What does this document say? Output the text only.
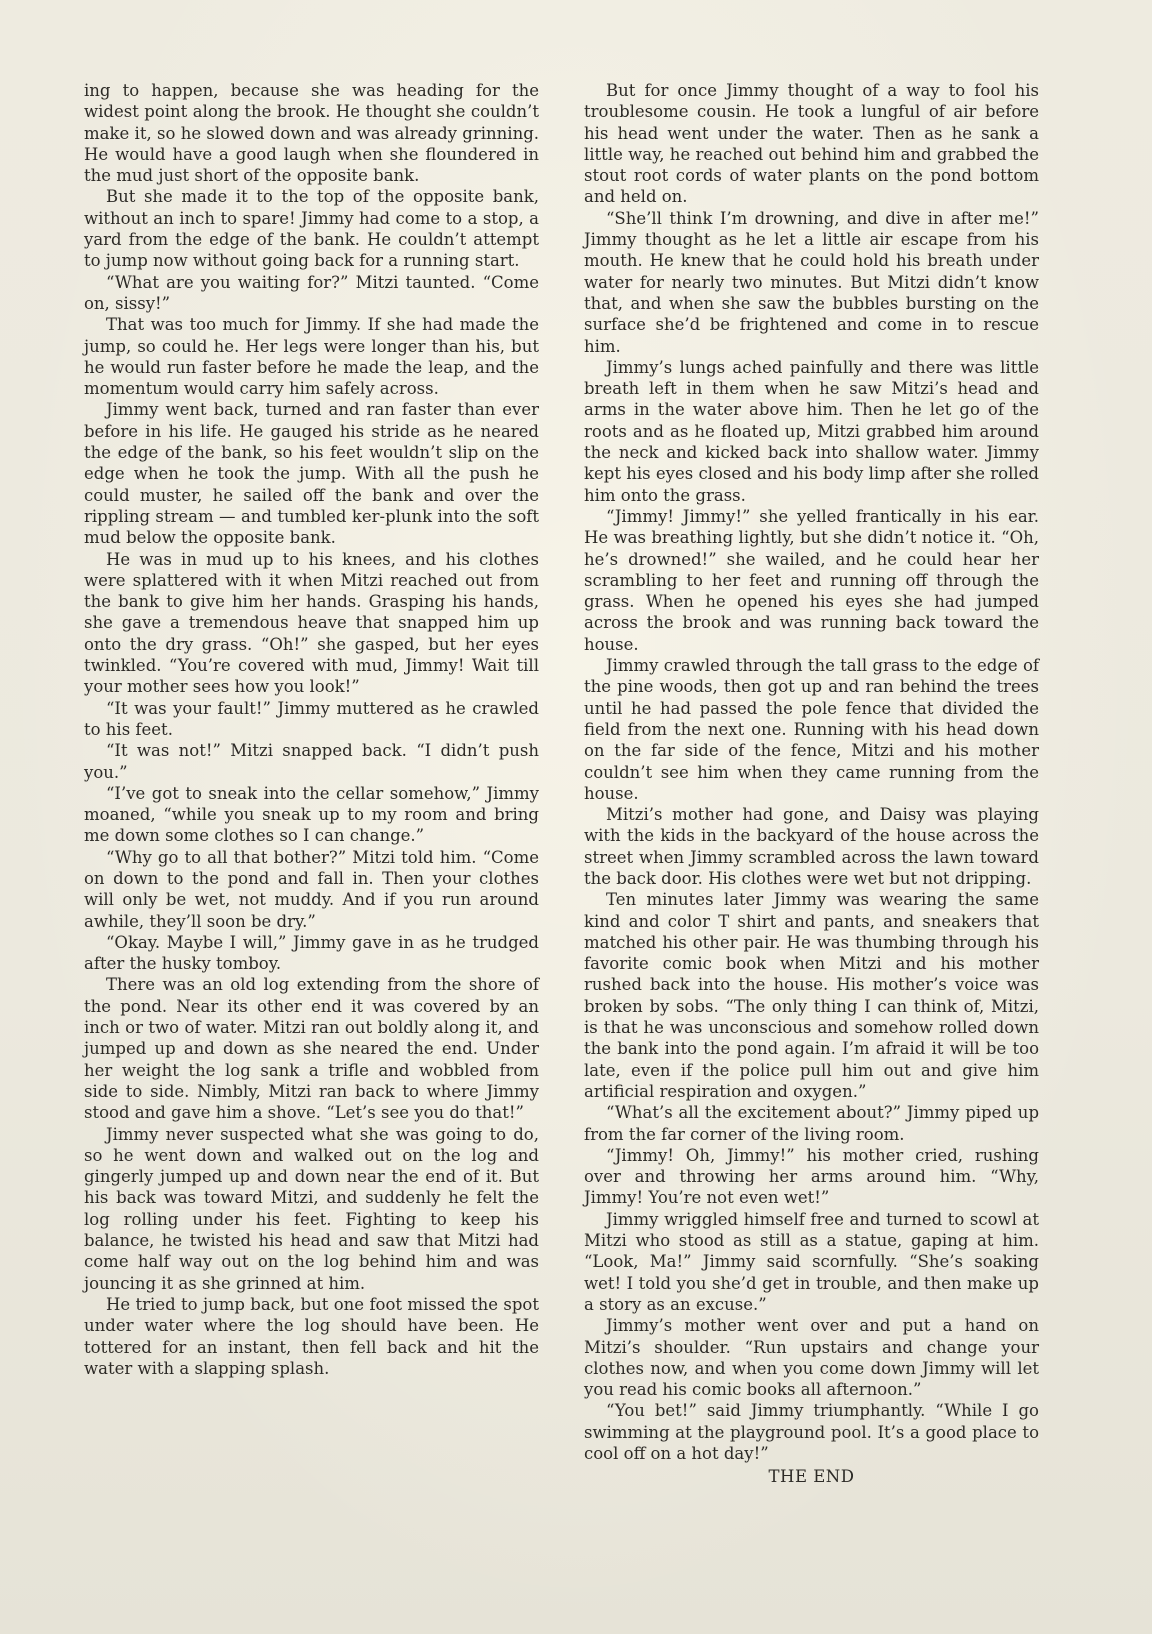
ing to happen, because she was heading for the widest point along the brook. He thought she couldn’t make it, so he slowed down and was already grinning. He would have a good laugh when she floundered in the mud just short of the opposite bank.

But she made it to the top of the opposite bank, without an inch to spare! Jimmy had come to a stop, a yard from the edge of the bank. He couldn’t attempt to jump now without going back for a running start.

“What are you waiting for?” Mitzi taunted. “Come on, sissy!”

That was too much for Jimmy. If she had made the jump, so could he. Her legs were longer than his, but he would run faster before he made the leap, and the momentum would carry him safely across.

Jimmy went back, turned and ran faster than ever before in his life. He gauged his stride as he neared the edge of the bank, so his feet wouldn’t slip on the edge when he took the jump. With all the push he could muster, he sailed off the bank and over the rippling stream — and tumbled ker-plunk into the soft mud below the opposite bank.

He was in mud up to his knees, and his clothes were splattered with it when Mitzi reached out from the bank to give him her hands. Grasping his hands, she gave a tremendous heave that snapped him up onto the dry grass. “Oh!” she gasped, but her eyes twinkled. “You’re covered with mud, Jimmy! Wait till your mother sees how you look!”

“It was your fault!” Jimmy muttered as he crawled to his feet.

“It was not!” Mitzi snapped back. “I didn’t push you.”

“I’ve got to sneak into the cellar somehow,” Jimmy moaned, “while you sneak up to my room and bring me down some clothes so I can change.”

“Why go to all that bother?” Mitzi told him. “Come on down to the pond and fall in. Then your clothes will only be wet, not muddy. And if you run around awhile, they’ll soon be dry.”

“Okay. Maybe I will,” Jimmy gave in as he trudged after the husky tomboy.

There was an old log extending from the shore of the pond. Near its other end it was covered by an inch or two of water. Mitzi ran out boldly along it, and jumped up and down as she neared the end. Under her weight the log sank a trifle and wobbled from side to side. Nimbly, Mitzi ran back to where Jimmy stood and gave him a shove. “Let’s see you do that!”

Jimmy never suspected what she was going to do, so he went down and walked out on the log and gingerly jumped up and down near the end of it. But his back was toward Mitzi, and suddenly he felt the log rolling under his feet. Fighting to keep his balance, he twisted his head and saw that Mitzi had come half way out on the log behind him and was jouncing it as she grinned at him.

He tried to jump back, but one foot missed the spot under water where the log should have been. He tottered for an instant, then fell back and hit the water with a slapping splash.

But for once Jimmy thought of a way to fool his troublesome cousin. He took a lungful of air before his head went under the water. Then as he sank a little way, he reached out behind him and grabbed the stout root cords of water plants on the pond bottom and held on.

“She’ll think I’m drowning, and dive in after me!” Jimmy thought as he let a little air escape from his mouth. He knew that he could hold his breath under water for nearly two minutes. But Mitzi didn’t know that, and when she saw the bubbles bursting on the surface she’d be frightened and come in to rescue him.

Jimmy’s lungs ached painfully and there was little breath left in them when he saw Mitzi’s head and arms in the water above him. Then he let go of the roots and as he floated up, Mitzi grabbed him around the neck and kicked back into shallow water. Jimmy kept his eyes closed and his body limp after she rolled him onto the grass.

“Jimmy! Jimmy!” she yelled frantically in his ear. He was breathing lightly, but she didn’t notice it. “Oh, he’s drowned!” she wailed, and he could hear her scrambling to her feet and running off through the grass. When he opened his eyes she had jumped across the brook and was running back toward the house.

Jimmy crawled through the tall grass to the edge of the pine woods, then got up and ran behind the trees until he had passed the pole fence that divided the field from the next one. Running with his head down on the far side of the fence, Mitzi and his mother couldn’t see him when they came running from the house.

Mitzi’s mother had gone, and Daisy was playing with the kids in the backyard of the house across the street when Jimmy scrambled across the lawn toward the back door. His clothes were wet but not dripping.

Ten minutes later Jimmy was wearing the same kind and color T shirt and pants, and sneakers that matched his other pair. He was thumbing through his favorite comic book when Mitzi and his mother rushed back into the house. His mother’s voice was broken by sobs. “The only thing I can think of, Mitzi, is that he was unconscious and somehow rolled down the bank into the pond again. I’m afraid it will be too late, even if the police pull him out and give him artificial respiration and oxygen.”

“What’s all the excitement about?” Jimmy piped up from the far corner of the living room.

“Jimmy! Oh, Jimmy!” his mother cried, rushing over and throwing her arms around him. “Why, Jimmy! You’re not even wet!”

Jimmy wriggled himself free and turned to scowl at Mitzi who stood as still as a statue, gaping at him. “Look, Ma!” Jimmy said scornfully. “She’s soaking wet! I told you she’d get in trouble, and then make up a story as an excuse.”

Jimmy’s mother went over and put a hand on Mitzi’s shoulder. “Run upstairs and change your clothes now, and when you come down Jimmy will let you read his comic books all afternoon.”

“You bet!” said Jimmy triumphantly. “While I go swimming at the playground pool. It’s a good place to cool off on a hot day!”

THE END
